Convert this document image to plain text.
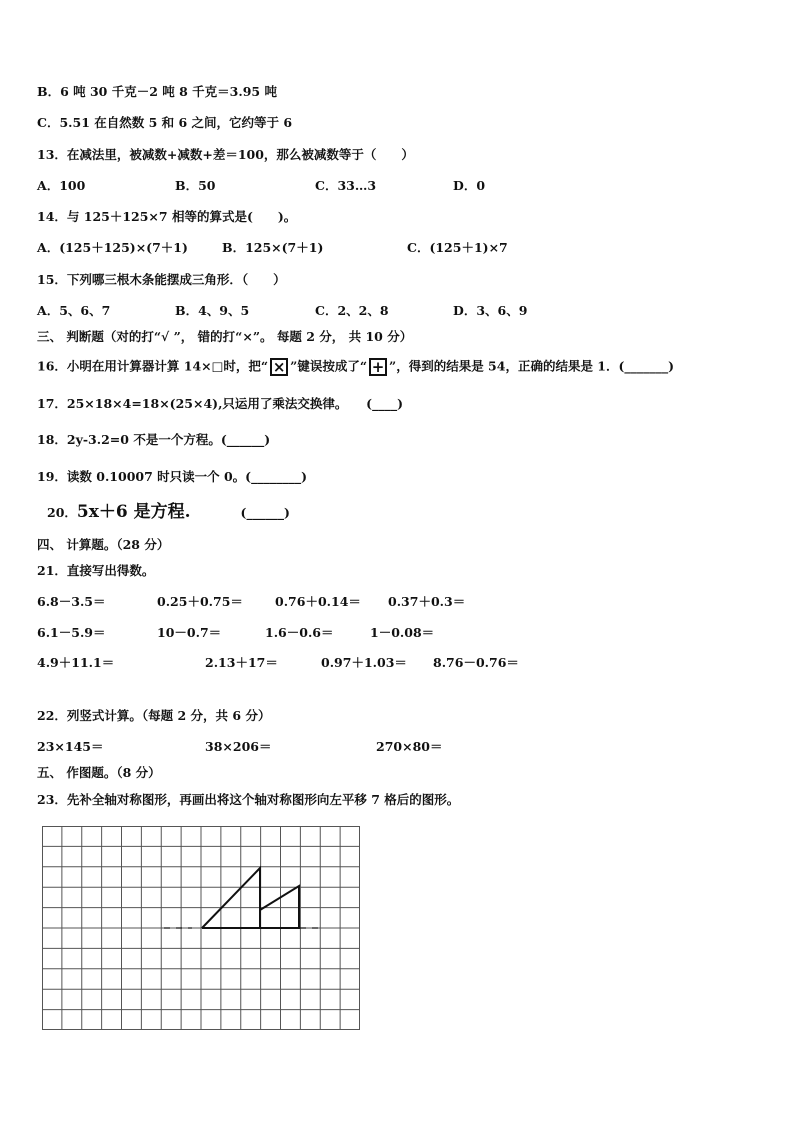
B．6 吨 30 千克－2 吨 8 千克＝3.95 吨
C．5.51 在自然数 5 和 6 之间，它约等于 6
13．在减法里，被减数+减数+差＝100，那么被减数等于（　　）
A．100	B．50	C．33…3	D．0
14．与 125＋125×7 相等的算式是(　　)。
A．(125＋125)×(7＋1)	B．125×(7＋1)	C．(125＋1)×7
15．下列哪三根木条能摆成三角形．（　　）
A．5、6、7	B．4、9、5	C．2、2、8	D．3、6、9
三、 判断题（对的打“√ ”， 错的打“×”。 每题 2 分， 共 10 分）
16．小明在用计算器计算 14×□时，把“ × ”键误按成了“ + ”，得到的结果是 54，正确的结果是 1．(_______)
17．25×18×4=18×(25×4),只运用了乘法交换律。　　(____)
18．2y-3.2=0 不是一个方程。(______)
19．读数 0.10007 时只读一个 0。(________)
20．5x＋6 是方程.	(______)
四、 计算题。（28 分）
21．直接写出得数。
6.8－3.5＝	0.25＋0.75＝	0.76＋0.14＝ 0.37＋0.3＝
6.1－5.9＝	10－0.7＝	1.6－0.6＝	1－0.08＝
4.9＋11.1＝	2.13＋17＝	0.97＋1.03＝ 8.76－0.76＝
22．列竖式计算。（每题 2 分，共 6 分）
23×145＝	38×206＝	270×80＝
五、 作图题。（8 分）
23．先补全轴对称图形，再画出将这个轴对称图形向左平移 7 格后的图形。
